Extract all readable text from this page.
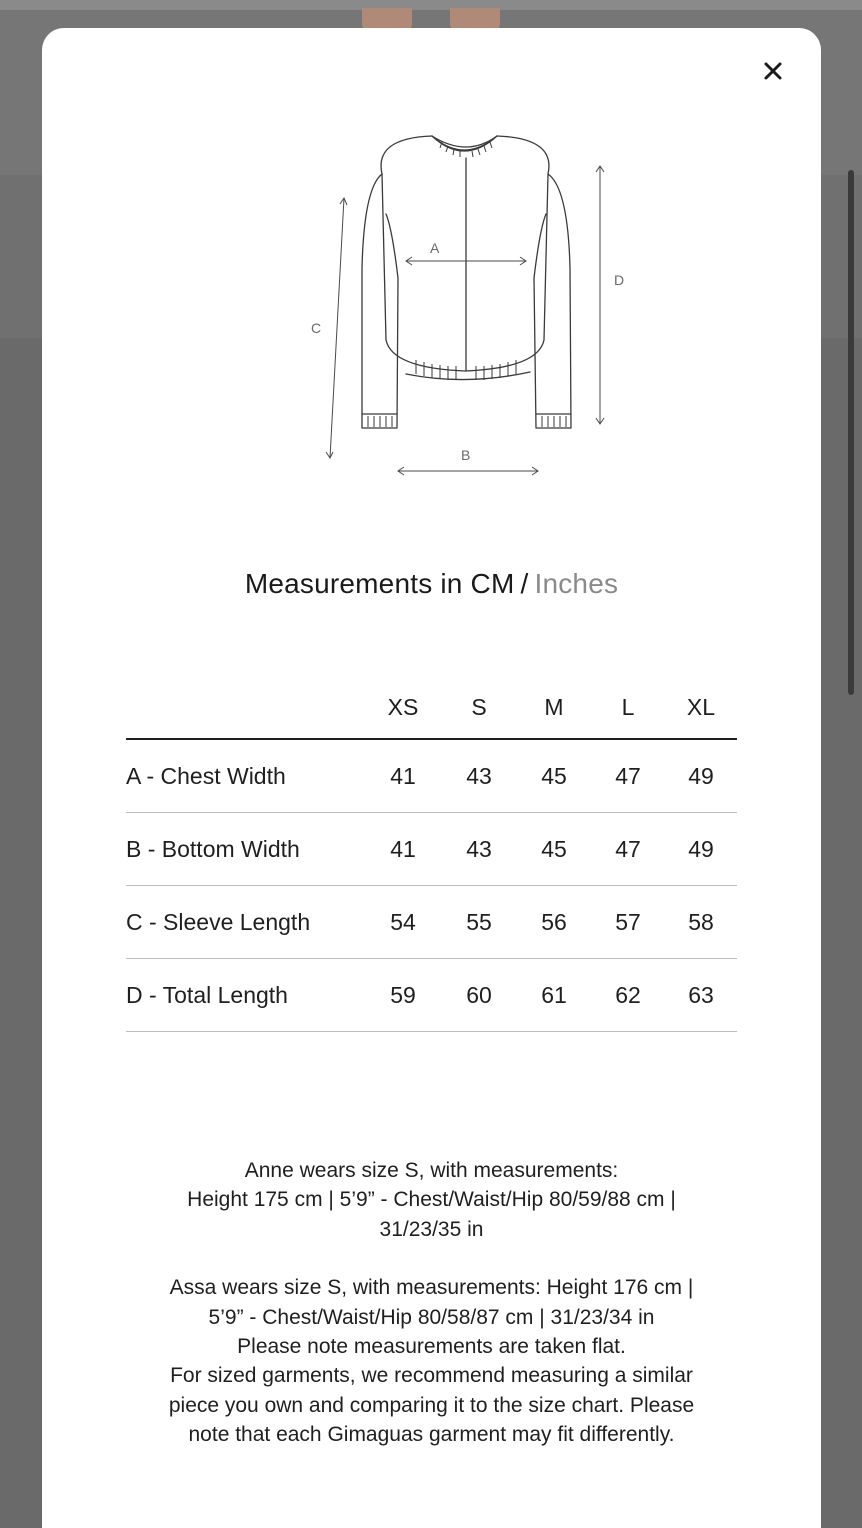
A
B
C
D
Measurements in CM / Inches
	XS	S	M	L	XL
A - Chest Width	41	43	45	47	49
B - Bottom Width	41	43	45	47	49
C - Sleeve Length	54	55	56	57	58
D - Total Length	59	60	61	62	63

Anne wears size S, with measurements:

Height 175 cm | 5’9” - Chest/Waist/Hip 80/59/88 cm |

31/23/35 in

Assa wears size S, with measurements: Height 176 cm |

5’9” - Chest/Waist/Hip 80/58/87 cm | 31/23/34 in

Please note measurements are taken flat.

For sized garments, we recommend measuring a similar

piece you own and comparing it to the size chart. Please

note that each Gimaguas garment may fit differently.
